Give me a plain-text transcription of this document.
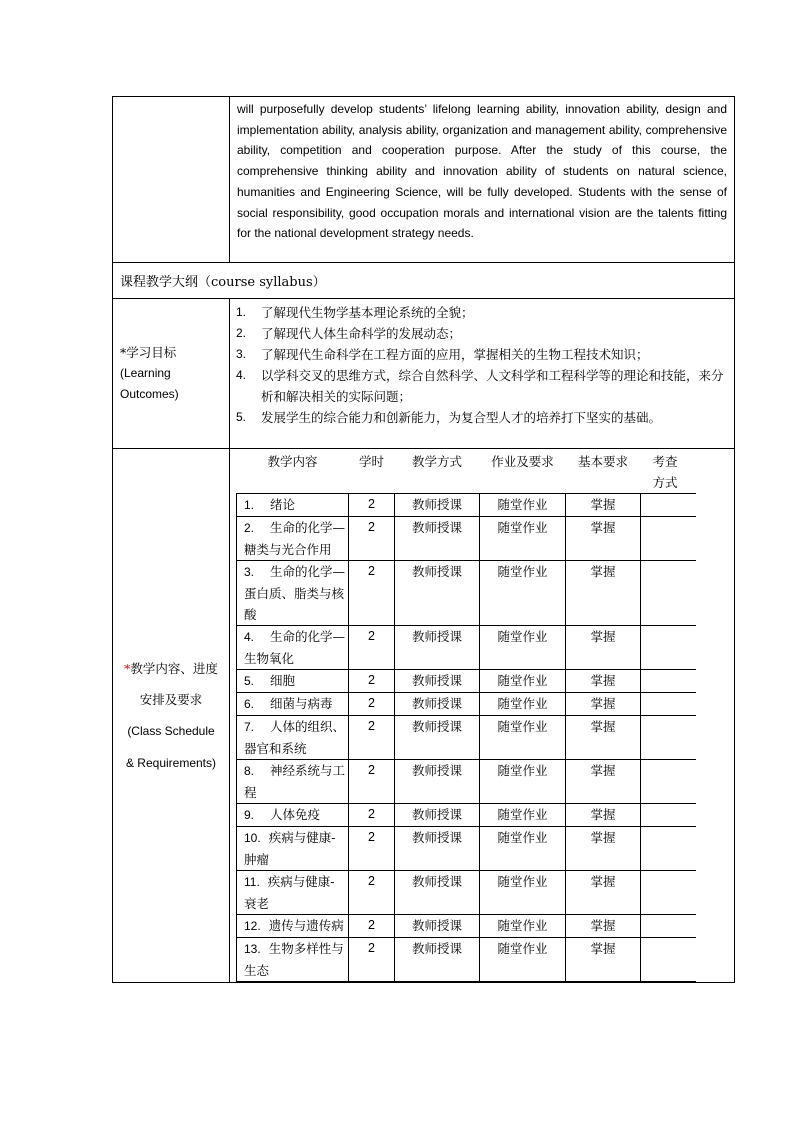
will purposefully develop students’ lifelong learning ability, innovation ability, design and implementation ability, analysis ability, organization and management ability, comprehensive ability, competition and cooperation purpose. After the study of this course, the comprehensive thinking ability and innovation ability of students on natural science, humanities and Engineering Science, will be fully developed. Students with the sense of social responsibility, good occupation morals and international vision are the talents fitting for the national development strategy needs.

课程教学大纲（course syllabus）

*学习目标
(Learning
Outcomes)

1.	了解现代生物学基本理论系统的全貌；
2.	了解现代人体生命科学的发展动态；
3.	了解现代生命科学在工程方面的应用，掌握相关的生物工程技术知识；
4.	以学科交叉的思维方式，综合自然科学、人文科学和工程科学等的理论和技能，来分析和解决相关的实际问题；
5.	发展学生的综合能力和创新能力，为复合型人才的培养打下坚实的基础。

*教学内容、进度
安排及要求
(Class Schedule
& Requirements)

教学内容	学时	教学方式	作业及要求	基本要求	考查方式
1. 绪论	2	教师授课	随堂作业	掌握	
2. 生命的化学—糖类与光合作用	2	教师授课	随堂作业	掌握	
3. 生命的化学—蛋白质、脂类与核酸	2	教师授课	随堂作业	掌握	
4. 生命的化学—生物氧化	2	教师授课	随堂作业	掌握	
5. 细胞	2	教师授课	随堂作业	掌握	
6. 细菌与病毒	2	教师授课	随堂作业	掌握	
7. 人体的组织、器官和系统	2	教师授课	随堂作业	掌握	
8. 神经系统与工程	2	教师授课	随堂作业	掌握	
9. 人体免疫	2	教师授课	随堂作业	掌握	
10. 疾病与健康-肿瘤	2	教师授课	随堂作业	掌握	
11. 疾病与健康-衰老	2	教师授课	随堂作业	掌握	
12. 遗传与遗传病	2	教师授课	随堂作业	掌握	
13. 生物多样性与生态	2	教师授课	随堂作业	掌握	
